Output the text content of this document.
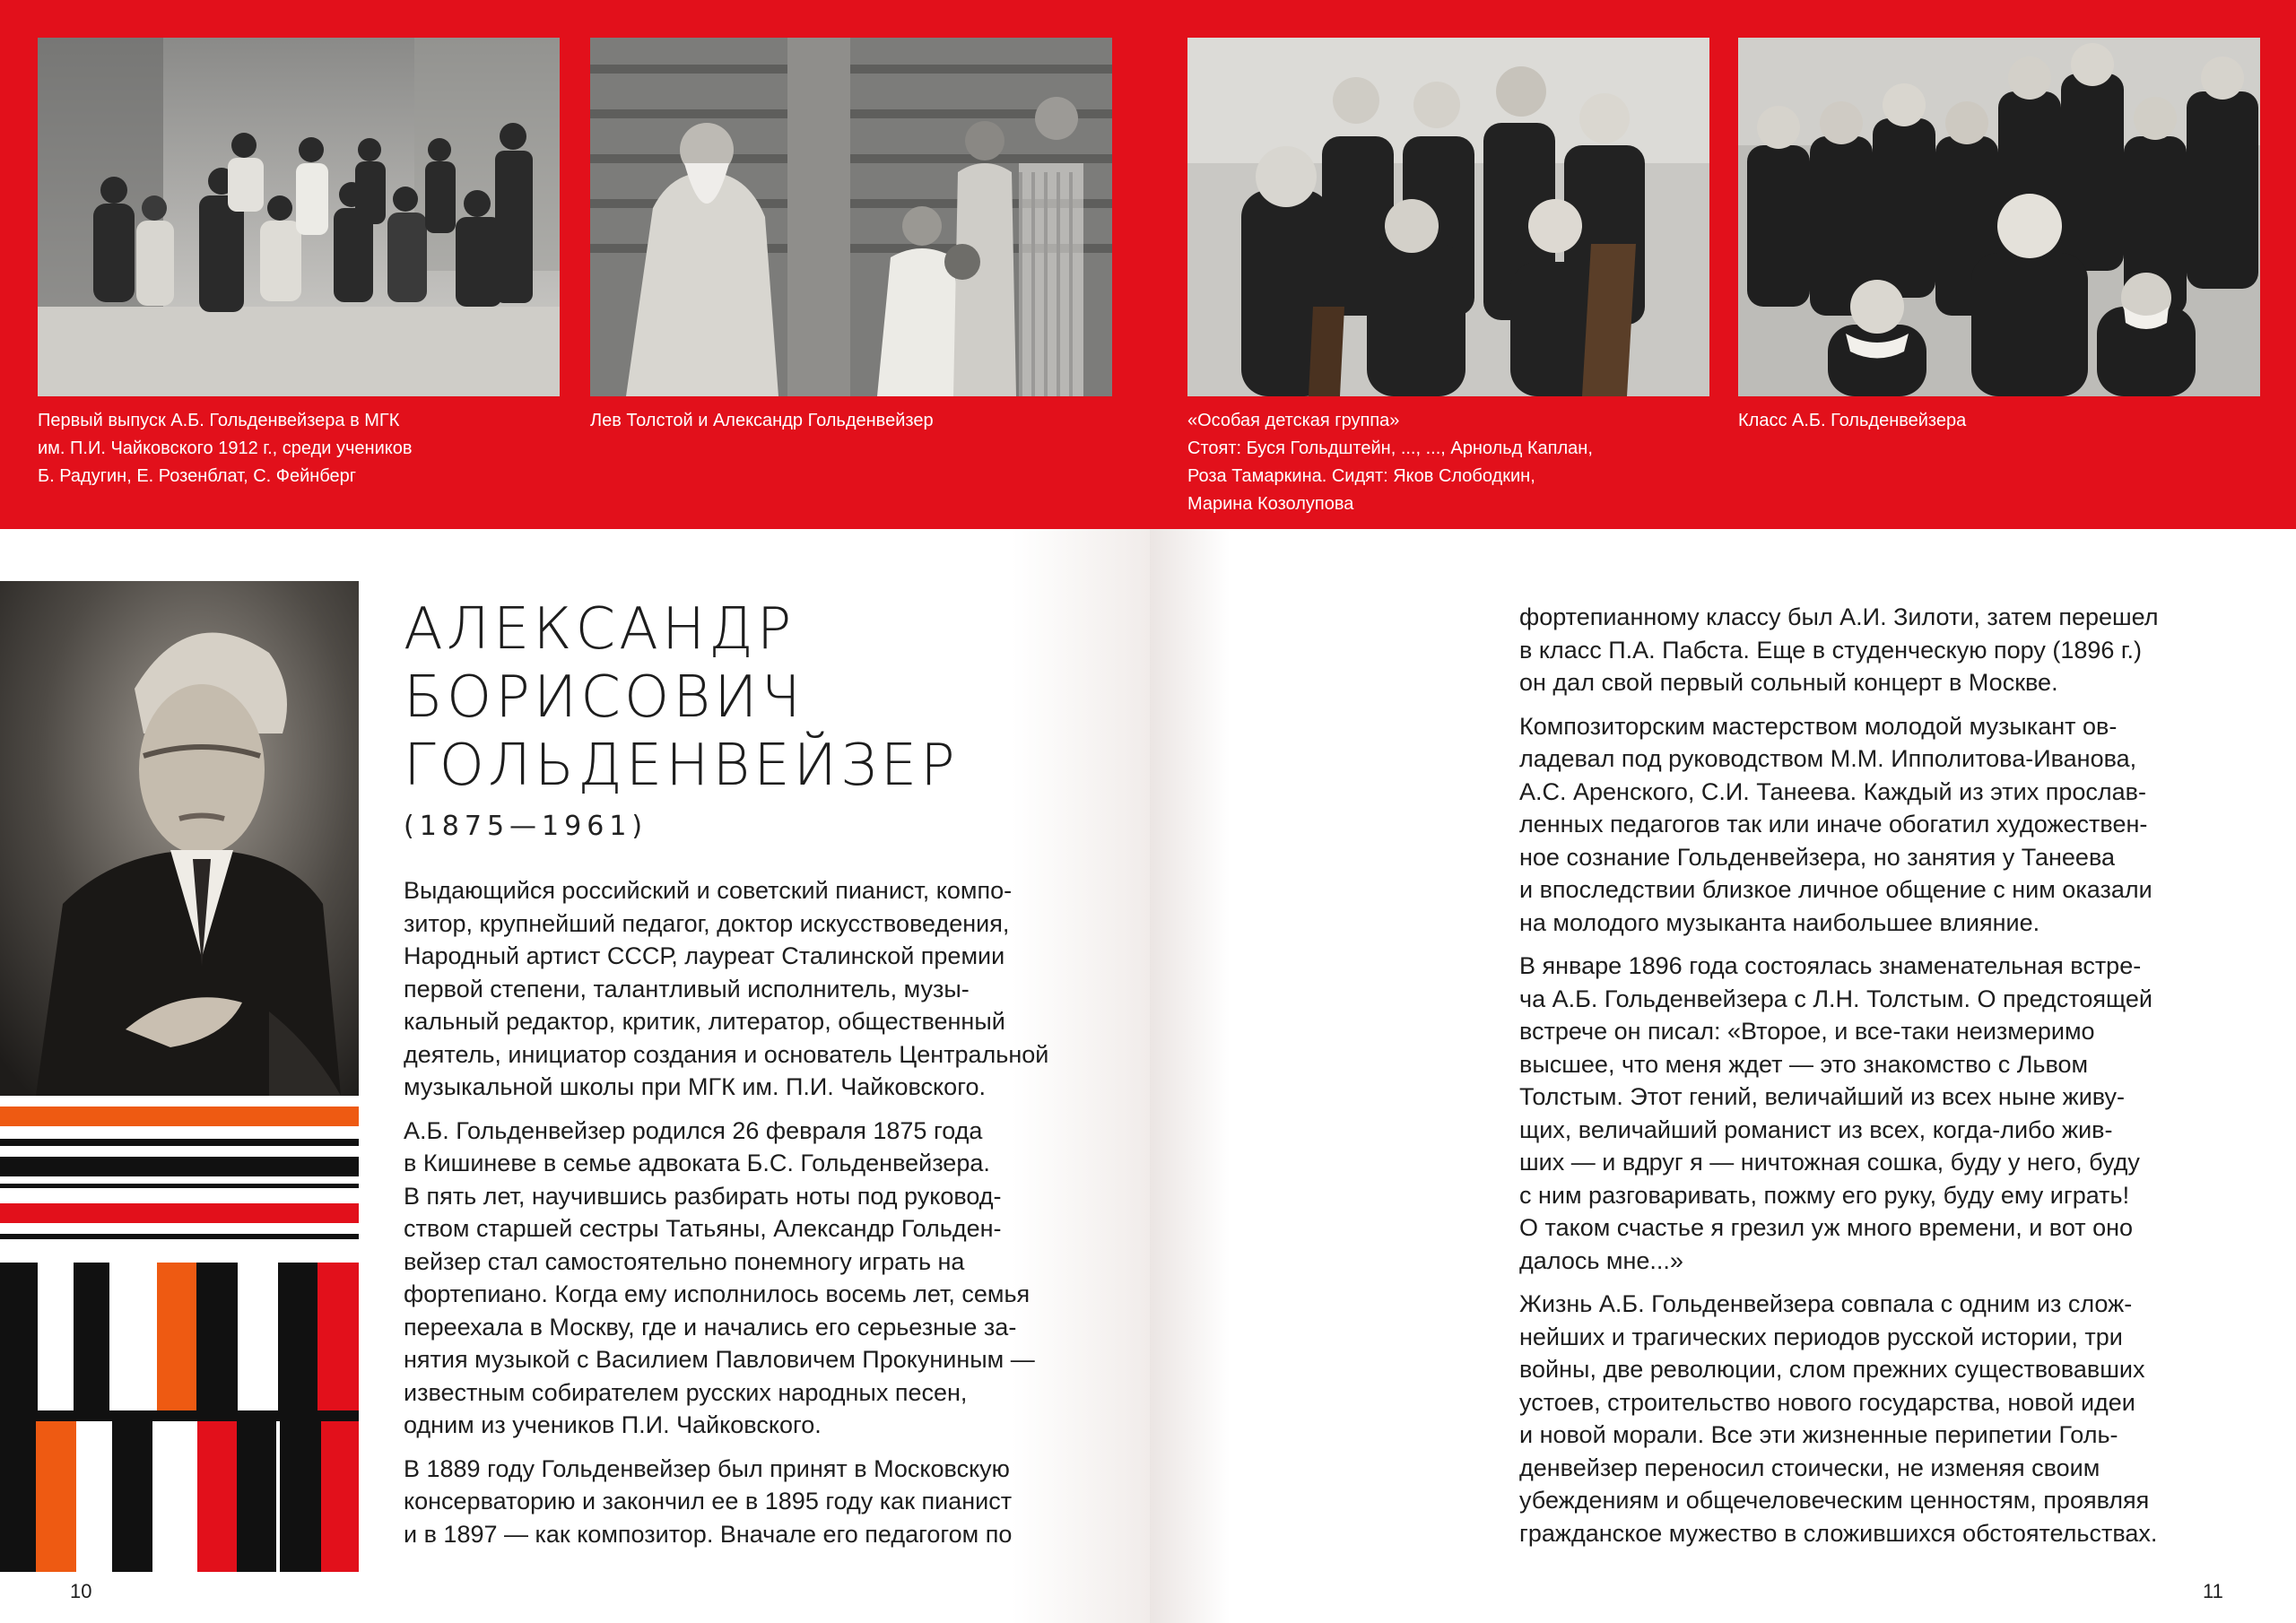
Первый выпуск А.Б. Гольденвейзера в МГК
им. П.И. Чайковского 1912 г., среди учеников
Б. Радугин, Е. Розенблат, С. Фейнберг
Лев Толстой и Александр Гольденвейзер
АЛЕКСАНДР
БОРИСОВИЧ
ГОЛЬДЕНВЕЙЗЕР
(1875—1961)

Выдающийся российский и советский пианист, компо-
зитор, крупнейший педагог, доктор искусствоведения,
Народный артист СССР, лауреат Сталинской премии
первой степени, талантливый исполнитель, музы-
кальный редактор, критик, литератор, общественный
деятель, инициатор создания и основатель Центральной
музыкальной школы при МГК им. П.И. Чайковского.

А.Б. Гольденвейзер родился 26 февраля 1875 года
в Кишиневе в семье адвоката Б.С. Гольденвейзера.
В пять лет, научившись разбирать ноты под руковод-
ством старшей сестры Татьяны, Александр Гольден-
вейзер стал самостоятельно понемногу играть на
фортепиано. Когда ему исполнилось восемь лет, семья
переехала в Москву, где и начались его серьезные за-
нятия музыкой с Василием Павловичем Прокуниным —
известным собирателем русских народных песен,
одним из учеников П.И. Чайковского.

В 1889 году Гольденвейзер был принят в Московскую
консерваторию и закончил ее в 1895 году как пианист
и в 1897 — как композитор. Вначале его педагогом по

10
«Особая детская группа»
Стоят: Буся Гольдштейн, ..., ..., Арнольд Каплан,
Роза Тамаркина. Сидят: Яков Слободкин,
Марина Козолупова
Класс А.Б. Гольденвейзера

фортепианному классу был А.И. Зилоти, затем перешел
в класс П.А. Пабста. Еще в студенческую пору (1896 г.)
он дал свой первый сольный концерт в Москве.

Композиторским мастерством молодой музыкант ов-
ладевал под руководством М.М. Ипполитова-Иванова,
А.С. Аренского, С.И. Танеева. Каждый из этих прослав-
ленных педагогов так или иначе обогатил художествен-
ное сознание Гольденвейзера, но занятия у Танеева
и впоследствии близкое личное общение с ним оказали
на молодого музыканта наибольшее влияние.

В январе 1896 года состоялась знаменательная встре-
ча А.Б. Гольденвейзера с Л.Н. Толстым. О предстоящей
встрече он писал: «Второе, и все-таки неизмеримо
высшее, что меня ждет — это знакомство с Львом
Толстым. Этот гений, величайший из всех ныне живу-
щих, величайший романист из всех, когда-либо жив-
ших — и вдруг я — ничтожная сошка, буду у него, буду
с ним разговаривать, пожму его руку, буду ему играть!
О таком счастье я грезил уж много времени, и вот оно
далось мне...»

Жизнь А.Б. Гольденвейзера совпала с одним из слож-
нейших и трагических периодов русской истории, три
войны, две революции, слом прежних существовавших
устоев, строительство нового государства, новой идеи
и новой морали. Все эти жизненные перипетии Голь-
денвейзер переносил стоически, не изменяя своим
убеждениям и общечеловеческим ценностям, проявляя
гражданское мужество в сложившихся обстоятельствах.

11
